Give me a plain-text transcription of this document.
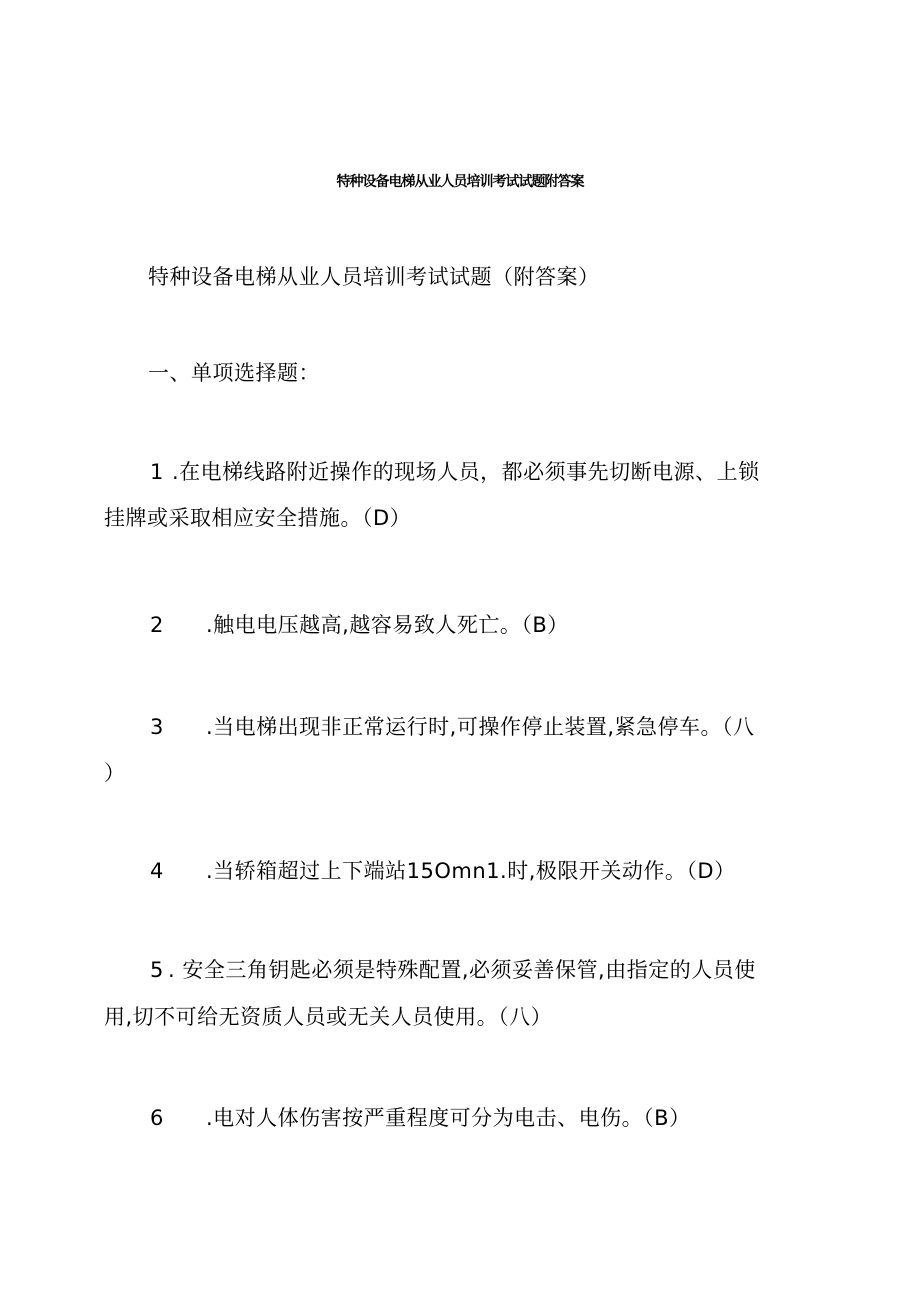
特种设备电梯从业人员培训考试试题附答案
特种设备电梯从业人员培训考试试题（附答案）
一、单项选择题：
1 .在电梯线路附近操作的现场人员，都必须事先切断电源、上锁
挂牌或采取相应安全措施。（D）
2 .触电电压越高,越容易致人死亡。（B）
3 .当电梯出现非正常运行时,可操作停止装置,紧急停车。（八
）
4 .当轿箱超过上下端站15Omn1.时,极限开关动作。（D）
5 . 安全三角钥匙必须是特殊配置,必须妥善保管,由指定的人员使
用,切不可给无资质人员或无关人员使用。（八）
6 .电对人体伤害按严重程度可分为电击、电伤。（B）
